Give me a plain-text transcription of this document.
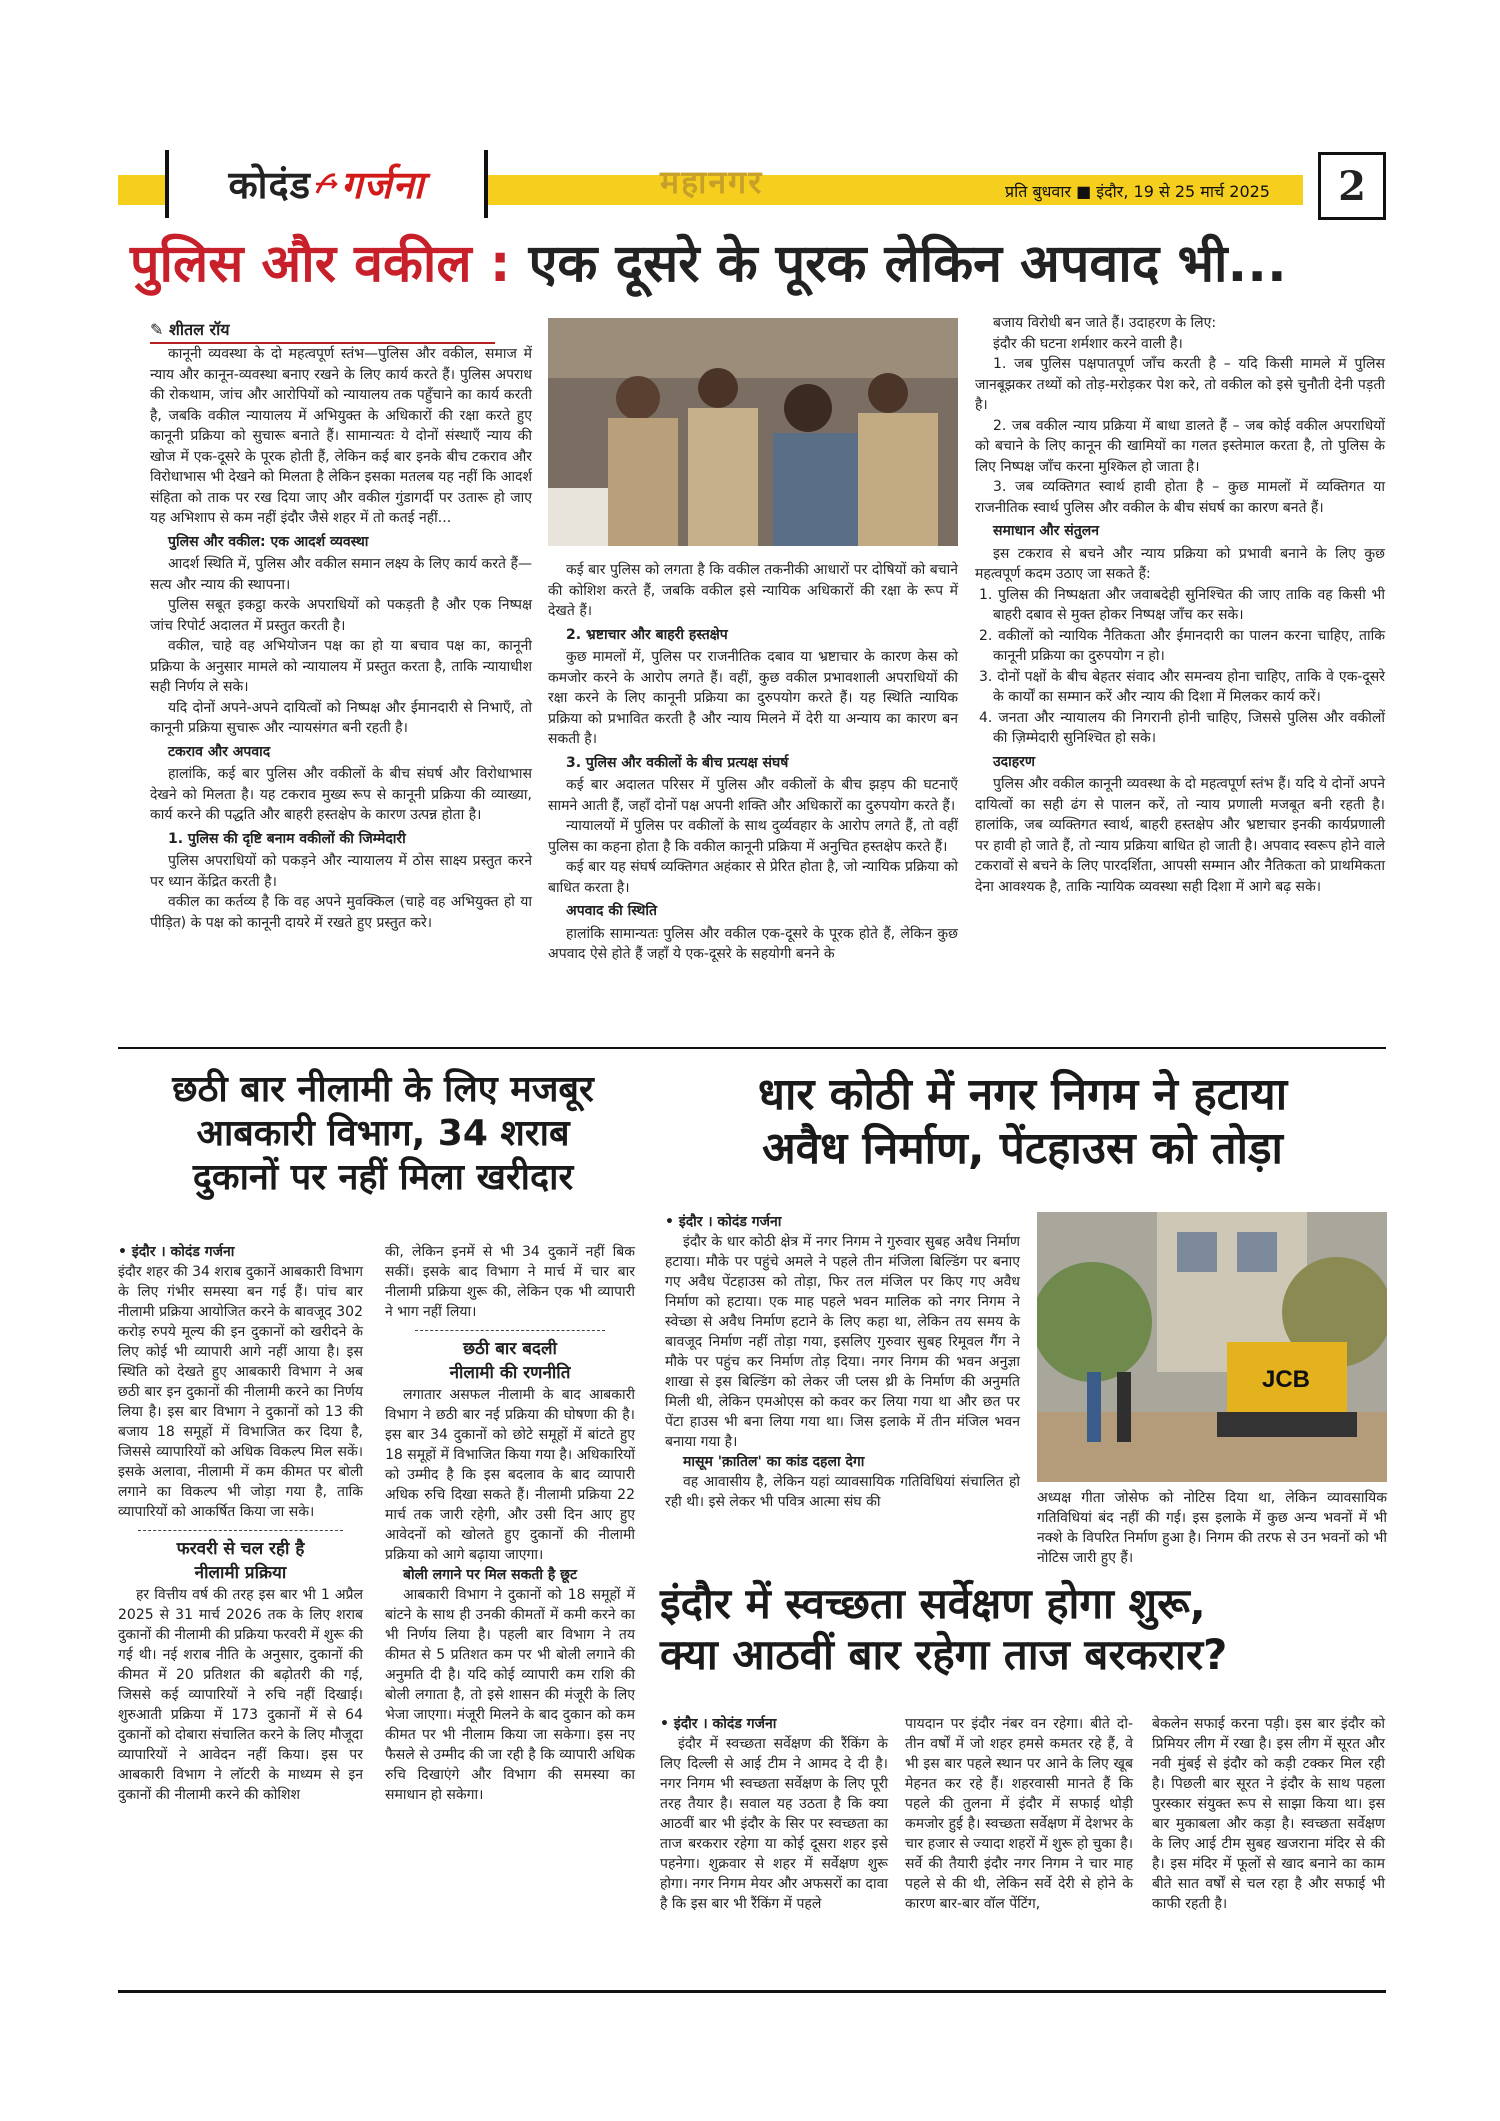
कोदंड गर्जना	महानगर	प्रति बुधवार ■ इंदौर, 19 से 25 मार्च 2025	2
पुलिस और वकील : एक दूसरे के पूरक लेकिन अपवाद भी...
✎ शीतल रॉय
कानूनी व्यवस्था के दो महत्वपूर्ण स्तंभ—पुलिस और वकील, समाज में न्याय और कानून-व्यवस्था बनाए रखने के लिए कार्य करते हैं। पुलिस अपराध की रोकथाम, जांच और आरोपियों को न्यायालय तक पहुँचाने का कार्य करती है, जबकि वकील न्यायालय में अभियुक्त के अधिकारों की रक्षा करते हुए कानूनी प्रक्रिया को सुचारू बनाते हैं। सामान्यतः ये दोनों संस्थाएँ न्याय की खोज में एक-दूसरे के पूरक होती हैं, लेकिन कई बार इनके बीच टकराव और विरोधाभास भी देखने को मिलता है लेकिन इसका मतलब यह नहीं कि आदर्श संहिता को ताक पर रख दिया जाए और वकील गुंडागर्दी पर उतारू हो जाए यह अभिशाप से कम नहीं इंदौर जैसे शहर में तो कतई नहीं...
पुलिस और वकील: एक आदर्श व्यवस्था
आदर्श स्थिति में, पुलिस और वकील समान लक्ष्य के लिए कार्य करते हैं—सत्य और न्याय की स्थापना।
पुलिस सबूत इकट्ठा करके अपराधियों को पकड़ती है और एक निष्पक्ष जांच रिपोर्ट अदालत में प्रस्तुत करती है।
वकील, चाहे वह अभियोजन पक्ष का हो या बचाव पक्ष का, कानूनी प्रक्रिया के अनुसार मामले को न्यायालय में प्रस्तुत करता है, ताकि न्यायाधीश सही निर्णय ले सके।
यदि दोनों अपने-अपने दायित्वों को निष्पक्ष और ईमानदारी से निभाएँ, तो कानूनी प्रक्रिया सुचारू और न्यायसंगत बनी रहती है।
टकराव और अपवाद
हालांकि, कई बार पुलिस और वकीलों के बीच संघर्ष और विरोधाभास देखने को मिलता है। यह टकराव मुख्य रूप से कानूनी प्रक्रिया की व्याख्या, कार्य करने की पद्धति और बाहरी हस्तक्षेप के कारण उत्पन्न होता है।
1. पुलिस की दृष्टि बनाम वकीलों की जिम्मेदारी
पुलिस अपराधियों को पकड़ने और न्यायालय में ठोस साक्ष्य प्रस्तुत करने पर ध्यान केंद्रित करती है।
वकील का कर्तव्य है कि वह अपने मुवक्किल (चाहे वह अभियुक्त हो या पीड़ित) के पक्ष को कानूनी दायरे में रखते हुए प्रस्तुत करे।
कई बार पुलिस को लगता है कि वकील तकनीकी आधारों पर दोषियों को बचाने की कोशिश करते हैं, जबकि वकील इसे न्यायिक अधिकारों की रक्षा के रूप में देखते हैं।
2. भ्रष्टाचार और बाहरी हस्तक्षेप
कुछ मामलों में, पुलिस पर राजनीतिक दबाव या भ्रष्टाचार के कारण केस को कमजोर करने के आरोप लगते हैं। वहीं, कुछ वकील प्रभावशाली अपराधियों की रक्षा करने के लिए कानूनी प्रक्रिया का दुरुपयोग करते हैं। यह स्थिति न्यायिक प्रक्रिया को प्रभावित करती है और न्याय मिलने में देरी या अन्याय का कारण बन सकती है।
3. पुलिस और वकीलों के बीच प्रत्यक्ष संघर्ष
कई बार अदालत परिसर में पुलिस और वकीलों के बीच झड़प की घटनाएँ सामने आती हैं, जहाँ दोनों पक्ष अपनी शक्ति और अधिकारों का दुरुपयोग करते हैं।
न्यायालयों में पुलिस पर वकीलों के साथ दुर्व्यवहार के आरोप लगते हैं, तो वहीं पुलिस का कहना होता है कि वकील कानूनी प्रक्रिया में अनुचित हस्तक्षेप करते हैं।
कई बार यह संघर्ष व्यक्तिगत अहंकार से प्रेरित होता है, जो न्यायिक प्रक्रिया को बाधित करता है।
अपवाद की स्थिति
हालांकि सामान्यतः पुलिस और वकील एक-दूसरे के पूरक होते हैं, लेकिन कुछ अपवाद ऐसे होते हैं जहाँ ये एक-दूसरे के सहयोगी बनने के
बजाय विरोधी बन जाते हैं। उदाहरण के लिए:
इंदौर की घटना शर्मशार करने वाली है।
1. जब पुलिस पक्षपातपूर्ण जाँच करती है – यदि किसी मामले में पुलिस जानबूझकर तथ्यों को तोड़-मरोड़कर पेश करे, तो वकील को इसे चुनौती देनी पड़ती है।
2. जब वकील न्याय प्रक्रिया में बाधा डालते हैं – जब कोई वकील अपराधियों को बचाने के लिए कानून की खामियों का गलत इस्तेमाल करता है, तो पुलिस के लिए निष्पक्ष जाँच करना मुश्किल हो जाता है।
3. जब व्यक्तिगत स्वार्थ हावी होता है – कुछ मामलों में व्यक्तिगत या राजनीतिक स्वार्थ पुलिस और वकील के बीच संघर्ष का कारण बनते हैं।
समाधान और संतुलन
इस टकराव से बचने और न्याय प्रक्रिया को प्रभावी बनाने के लिए कुछ महत्वपूर्ण कदम उठाए जा सकते हैं:
1. पुलिस की निष्पक्षता और जवाबदेही सुनिश्चित की जाए ताकि वह किसी भी बाहरी दबाव से मुक्त होकर निष्पक्ष जाँच कर सके।
2. वकीलों को न्यायिक नैतिकता और ईमानदारी का पालन करना चाहिए, ताकि कानूनी प्रक्रिया का दुरुपयोग न हो।
3. दोनों पक्षों के बीच बेहतर संवाद और समन्वय होना चाहिए, ताकि वे एक-दूसरे के कार्यों का सम्मान करें और न्याय की दिशा में मिलकर कार्य करें।
4. जनता और न्यायालय की निगरानी होनी चाहिए, जिससे पुलिस और वकीलों की ज़िम्मेदारी सुनिश्चित हो सके।
उदाहरण
पुलिस और वकील कानूनी व्यवस्था के दो महत्वपूर्ण स्तंभ हैं। यदि ये दोनों अपने दायित्वों का सही ढंग से पालन करें, तो न्याय प्रणाली मजबूत बनी रहती है। हालांकि, जब व्यक्तिगत स्वार्थ, बाहरी हस्तक्षेप और भ्रष्टाचार इनकी कार्यप्रणाली पर हावी हो जाते हैं, तो न्याय प्रक्रिया बाधित हो जाती है। अपवाद स्वरूप होने वाले टकरावों से बचने के लिए पारदर्शिता, आपसी सम्मान और नैतिकता को प्राथमिकता देना आवश्यक है, ताकि न्यायिक व्यवस्था सही दिशा में आगे बढ़ सके।
छठी बार नीलामी के लिए मजबूर
आबकारी विभाग, 34 शराब
दुकानों पर नहीं मिला खरीदार
• इंदौर । कोदंड गर्जना
इंदौर शहर की 34 शराब दुकानें आबकारी विभाग के लिए गंभीर समस्या बन गई हैं। पांच बार नीलामी प्रक्रिया आयोजित करने के बावजूद 302 करोड़ रुपये मूल्य की इन दुकानों को खरीदने के लिए कोई भी व्यापारी आगे नहीं आया है। इस स्थिति को देखते हुए आबकारी विभाग ने अब छठी बार इन दुकानों की नीलामी करने का निर्णय लिया है। इस बार विभाग ने दुकानों को 13 की बजाय 18 समूहों में विभाजित कर दिया है, जिससे व्यापारियों को अधिक विकल्प मिल सकें। इसके अलावा, नीलामी में कम कीमत पर बोली लगाने का विकल्प भी जोड़ा गया है, ताकि व्यापारियों को आकर्षित किया जा सके।
फरवरी से चल रही है
नीलामी प्रक्रिया
हर वित्तीय वर्ष की तरह इस बार भी 1 अप्रैल 2025 से 31 मार्च 2026 तक के लिए शराब दुकानों की नीलामी की प्रक्रिया फरवरी में शुरू की गई थी। नई शराब नीति के अनुसार, दुकानों की कीमत में 20 प्रतिशत की बढ़ोतरी की गई, जिससे कई व्यापारियों ने रुचि नहीं दिखाई। शुरुआती प्रक्रिया में 173 दुकानों में से 64 दुकानों को दोबारा संचालित करने के लिए मौजूदा व्यापारियों ने आवेदन नहीं किया। इस पर आबकारी विभाग ने लॉटरी के माध्यम से इन दुकानों की नीलामी करने की कोशिश
की, लेकिन इनमें से भी 34 दुकानें नहीं बिक सकीं। इसके बाद विभाग ने मार्च में चार बार नीलामी प्रक्रिया शुरू की, लेकिन एक भी व्यापारी ने भाग नहीं लिया।
छठी बार बदली
नीलामी की रणनीति
लगातार असफल नीलामी के बाद आबकारी विभाग ने छठी बार नई प्रक्रिया की घोषणा की है। इस बार 34 दुकानों को छोटे समूहों में बांटते हुए 18 समूहों में विभाजित किया गया है। अधिकारियों को उम्मीद है कि इस बदलाव के बाद व्यापारी अधिक रुचि दिखा सकते हैं। नीलामी प्रक्रिया 22 मार्च तक जारी रहेगी, और उसी दिन आए हुए आवेदनों को खोलते हुए दुकानों की नीलामी प्रक्रिया को आगे बढ़ाया जाएगा।
बोली लगाने पर मिल सकती है छूट
आबकारी विभाग ने दुकानों को 18 समूहों में बांटने के साथ ही उनकी कीमतों में कमी करने का भी निर्णय लिया है। पहली बार विभाग ने तय कीमत से 5 प्रतिशत कम पर भी बोली लगाने की अनुमति दी है। यदि कोई व्यापारी कम राशि की बोली लगाता है, तो इसे शासन की मंजूरी के लिए भेजा जाएगा। मंजूरी मिलने के बाद दुकान को कम कीमत पर भी नीलाम किया जा सकेगा। इस नए फैसले से उम्मीद की जा रही है कि व्यापारी अधिक रुचि दिखाएंगे और विभाग की समस्या का समाधान हो सकेगा।
धार कोठी में नगर निगम ने हटाया
अवैध निर्माण, पेंटहाउस को तोड़ा
• इंदौर । कोदंड गर्जना
इंदौर के धार कोठी क्षेत्र में नगर निगम ने गुरुवार सुबह अवैध निर्माण हटाया। मौके पर पहुंचे अमले ने पहले तीन मंजिला बिल्डिंग पर बनाए गए अवैध पेंटहाउस को तोड़ा, फिर तल मंजिल पर किए गए अवैध निर्माण को हटाया। एक माह पहले भवन मालिक को नगर निगम ने स्वेच्छा से अवैध निर्माण हटाने के लिए कहा था, लेकिन तय समय के बावजूद निर्माण नहीं तोड़ा गया, इसलिए गुरुवार सुबह रिमूवल गैंग ने मौके पर पहुंच कर निर्माण तोड़ दिया। नगर निगम की भवन अनुज्ञा शाखा से इस बिल्डिंग को लेकर जी प्लस थ्री के निर्माण की अनुमति मिली थी, लेकिन एमओएस को कवर कर लिया गया था और छत पर पेंटा हाउस भी बना लिया गया था। जिस इलाके में तीन मंजिल भवन बनाया गया है।
मासूम 'क़ातिल' का कांड दहला देगा
वह आवासीय है, लेकिन यहां व्यावसायिक गतिविधियां संचालित हो रही थी। इसे लेकर भी पवित्र आत्मा संघ की
JCB
अध्यक्ष गीता जोसेफ को नोटिस दिया था, लेकिन व्यावसायिक गतिविधियां बंद नहीं की गई। इस इलाके में कुछ अन्य भवनों में भी नक्शे के विपरित निर्माण हुआ है। निगम की तरफ से उन भवनों को भी नोटिस जारी हुए हैं।
इंदौर में स्वच्छता सर्वेक्षण होगा शुरू,
क्या आठवीं बार रहेगा ताज बरकरार?
• इंदौर । कोदंड गर्जना
इंदौर में स्वच्छता सर्वेक्षण की रैंकिंग के लिए दिल्ली से आई टीम ने आमद दे दी है। नगर निगम भी स्वच्छता सर्वेक्षण के लिए पूरी तरह तैयार है। सवाल यह उठता है कि क्या आठवीं बार भी इंदौर के सिर पर स्वच्छता का ताज बरकरार रहेगा या कोई दूसरा शहर इसे पहनेगा। शुक्रवार से शहर में सर्वेक्षण शुरू होगा। नगर निगम मेयर और अफसरों का दावा है कि इस बार भी रैंकिंग में पहले
पायदान पर इंदौर नंबर वन रहेगा। बीते दो-तीन वर्षों में जो शहर हमसे कमतर रहे हैं, वे भी इस बार पहले स्थान पर आने के लिए खूब मेहनत कर रहे हैं। शहरवासी मानते हैं कि पहले की तुलना में इंदौर में सफाई थोड़ी कमजोर हुई है। स्वच्छता सर्वेक्षण में देशभर के चार हजार से ज्यादा शहरों में शुरू हो चुका है। सर्वे की तैयारी इंदौर नगर निगम ने चार माह पहले से की थी, लेकिन सर्वे देरी से होने के कारण बार-बार वॉल पेंटिंग,
बेकलेन सफाई करना पड़ी। इस बार इंदौर को प्रिमियर लीग में रखा है। इस लीग में सूरत और नवी मुंबई से इंदौर को कड़ी टक्कर मिल रही है। पिछली बार सूरत ने इंदौर के साथ पहला पुरस्कार संयुक्त रूप से साझा किया था। इस बार मुकाबला और कड़ा है। स्वच्छता सर्वेक्षण के लिए आई टीम सुबह खजराना मंदिर से की है। इस मंदिर में फूलों से खाद बनाने का काम बीते सात वर्षों से चल रहा है और सफाई भी काफी रहती है।
